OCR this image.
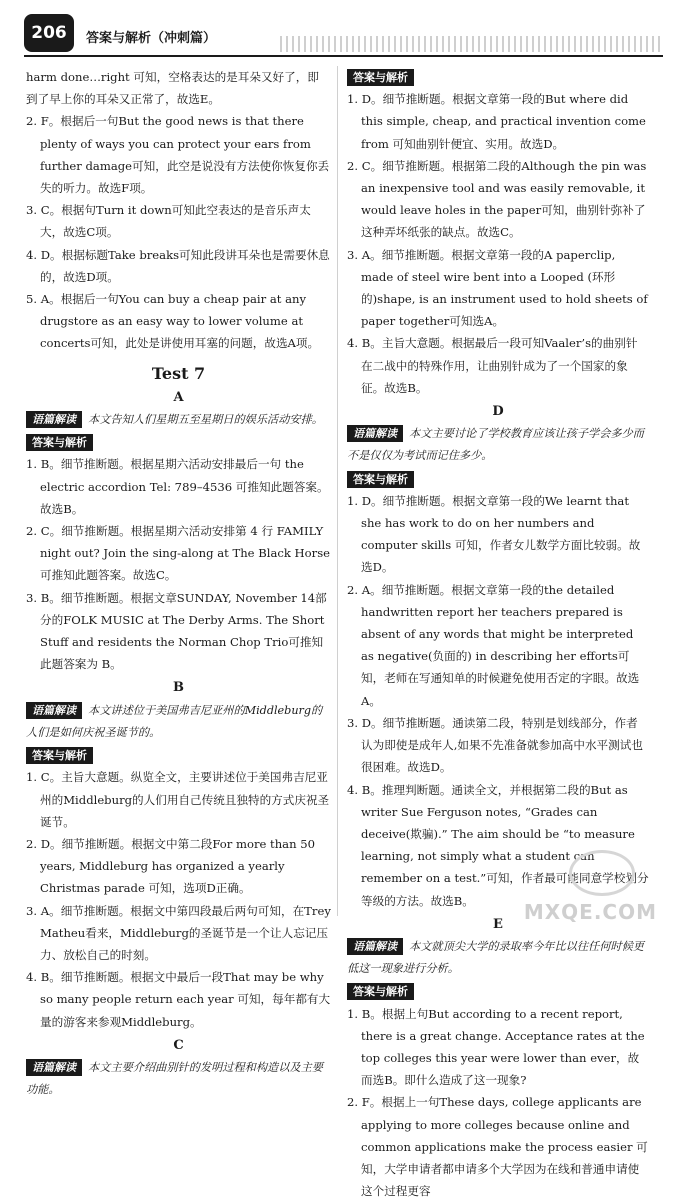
206	答案与解析（冲刺篇）

harm done…right 可知，空格表达的是耳朵又好了，即

到了早上你的耳朵又正常了，故选E。

2. F。根据后一句But the good news is that there plenty of ways you can protect your ears from further damage可知，此空是说没有方法使你恢复你丢失的听力。故选F项。

3. C。根据句Turn it down可知此空表达的是音乐声太大，故选C项。

4. D。根据标题Take breaks可知此段讲耳朵也是需要休息的，故选D项。

5. A。根据后一句You can buy a cheap pair at any drugstore as an easy way to lower volume at concerts可知，此处是讲使用耳塞的问题，故选A项。

Test 7
A

语篇解读 本文告知人们星期五至星期日的娱乐活动安排。

答案与解析

1. B。细节推断题。根据星期六活动安排最后一句 the electric accordion Tel: 789–4536 可推知此题答案。故选B。

2. C。细节推断题。根据星期六活动安排第 4 行 FAMILY night out? Join the sing-along at The Black Horse 可推知此题答案。故选C。

3. B。细节推断题。根据文章SUNDAY, November 14部分的FOLK MUSIC at The Derby Arms. The Short Stuff and residents the Norman Chop Trio可推知此题答案为 B。

B

语篇解读 本文讲述位于美国弗吉尼亚州的Middleburg的人们是如何庆祝圣诞节的。

答案与解析

1. C。主旨大意题。纵览全文，主要讲述位于美国弗吉尼亚州的Middleburg的人们用自己传统且独特的方式庆祝圣诞节。

2. D。细节推断题。根据文中第二段For more than 50 years, Middleburg has organized a yearly Christmas parade 可知，选项D正确。

3. A。细节推断题。根据文中第四段最后两句可知，在Trey Matheu看来，Middleburg的圣诞节是一个让人忘记压力、放松自己的时刻。

4. B。细节推断题。根据文中最后一段That may be why so many people return each year 可知，每年都有大量的游客来参观Middleburg。

C

语篇解读 本文主要介绍曲别针的发明过程和构造以及主要功能。

答案与解析

1. D。细节推断题。根据文章第一段的But where did this simple, cheap, and practical invention come from 可知曲别针便宜、实用。故选D。

2. C。细节推断题。根据第二段的Although the pin was an inexpensive tool and was easily removable, it would leave holes in the paper可知，曲别针弥补了这种弄坏纸张的缺点。故选C。

3. A。细节推断题。根据文章第一段的A paperclip, made of steel wire bent into a Looped (环形的)shape, is an instrument used to hold sheets of paper together可知选A。

4. B。主旨大意题。根据最后一段可知Vaaler’s的曲别针在二战中的特殊作用，让曲别针成为了一个国家的象征。故选B。

D

语篇解读 本文主要讨论了学校教育应该让孩子学会多少而不是仅仅为考试而记住多少。

答案与解析

1. D。细节推断题。根据文章第一段的We learnt that she has work to do on her numbers and computer skills 可知，作者女儿数学方面比较弱。故选D。

2. A。细节推断题。根据文章第一段的the detailed handwritten report her teachers prepared is absent of any words that might be interpreted as negative(负面的) in describing her efforts可知，老师在写通知单的时候避免使用否定的字眼。故选A。

3. D。细节推断题。通读第二段，特别是划线部分，作者认为即使是成年人,如果不先准备就参加高中水平测试也很困难。故选D。

4. B。推理判断题。通读全文，并根据第二段的But as writer Sue Ferguson notes, “Grades can deceive(欺骗).” The aim should be “to measure learning, not simply what a student can remember on a test.”可知，作者最可能同意学校划分等级的方法。故选B。

E

语篇解读 本文就顶尖大学的录取率今年比以往任何时候更低这一现象进行分析。

答案与解析

1. B。根据上句But according to a recent report, there is a great change. Acceptance rates at the top colleges this year were lower than ever，故而选B。即什么造成了这一现象?

2. F。根据上一句These days, college applicants are applying to more colleges because online and common applications make the process easier 可知，大学申请者都申请多个大学因为在线和普通申请使这个过程更容

MXQE.COM
